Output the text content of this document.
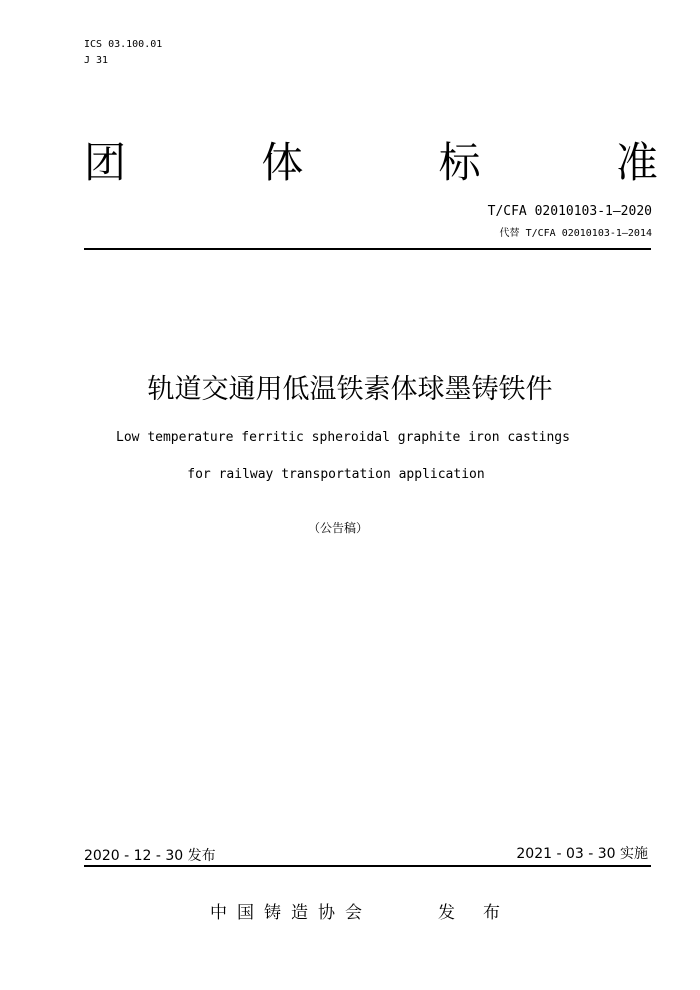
ICS 03.100.01
J 31
团	体	标	准
T/CFA 02010103-1—2020
代替 T/CFA 02010103-1—2014
轨道交通用低温铁素体球墨铸铁件
Low temperature ferritic spheroidal graphite iron castings
for railway transportation application
（公告稿）
2020 - 12 - 30 发布	2021 - 03 - 30 实施
中国铸造协会	发布
